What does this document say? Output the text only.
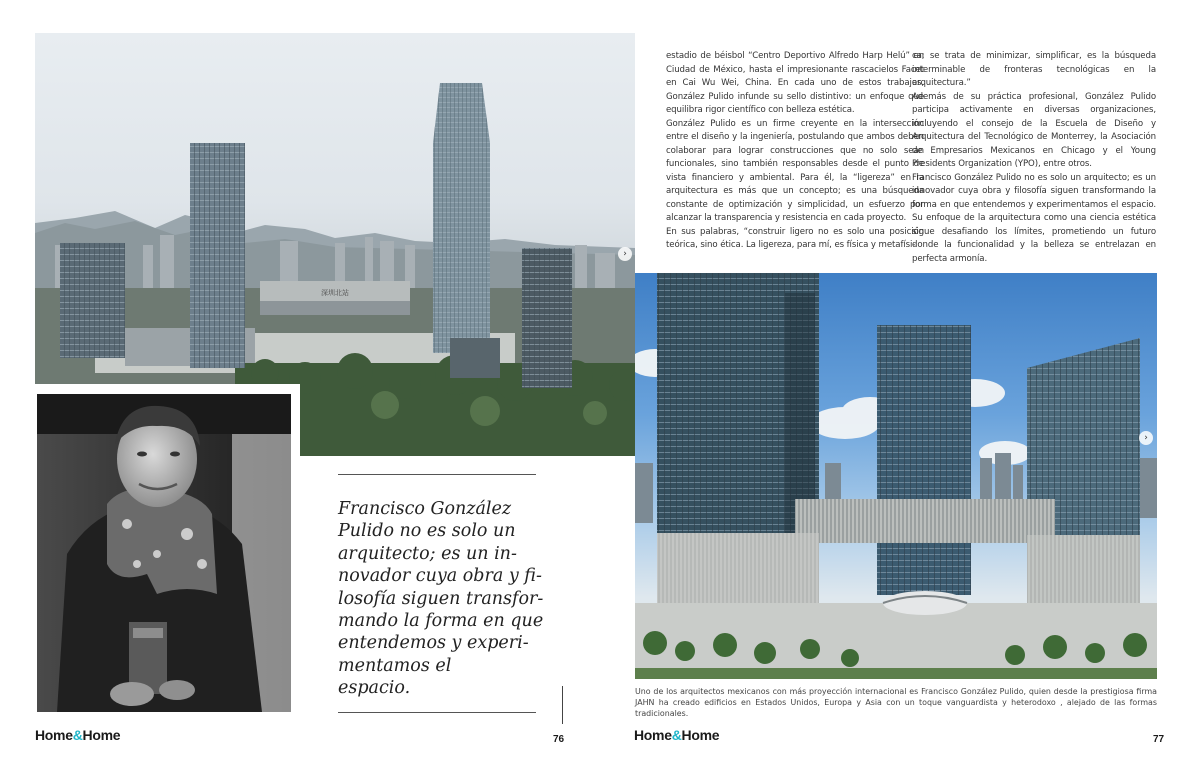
深圳北站
›
Francisco González
Pulido no es solo un
arquitecto; es un in-
novador cuya obra y fi-
losofía siguen transfor-
mando la forma en que
entendemos y experi-
mentamos el
espacio.
Home&Home	76

estadio de béisbol “Centro Deportivo Alfredo Harp Helú” en Ciudad de México, hasta el impresionante rascacielos Facet en Cai Wu Wei, China. En cada uno de estos trabajos, González Pulido infunde su sello distintivo: un enfoque que equilibra rigor científico con belleza estética.

González Pulido es un firme creyente en la intersección entre el diseño y la ingeniería, postulando que ambos deben colaborar para lograr construcciones que no solo sean funcionales, sino también responsables desde el punto de vista financiero y ambiental. Para él, la “ligereza” en la arquitectura es más que un concepto; es una búsqueda constante de optimización y simplicidad, un esfuerzo por alcanzar la transparencia y resistencia en cada proyecto.

En sus palabras, “construir ligero no es solo una posición teórica, sino ética. La ligereza, para mí, es física y metafísi-

ca; se trata de minimizar, simplificar, es la búsqueda interminable de fronteras tecnológicas en la arquitectura.”

Además de su práctica profesional, González Pulido participa activamente en diversas organizaciones, incluyendo el consejo de la Escuela de Diseño y Arquitectura del Tecnológico de Monterrey, la Asociación de Empresarios Mexicanos en Chicago y el Young Presidents Organization (YPO), entre otros.

Francisco González Pulido no es solo un arquitecto; es un innovador cuya obra y filosofía siguen transformando la forma en que entendemos y experimentamos el espacio. Su enfoque de la arquitectura como una ciencia estética sigue desafiando los límites, prometiendo un futuro donde la funcionalidad y la belleza se entrelazan en perfecta armonía.

›
Uno de los arquitectos mexicanos con más proyección internacional es Francisco González Pulido, quien desde la prestigiosa firma JAHN ha creado edificios en Estados Unidos, Europa y Asia con un toque vanguardista y heterodoxo , alejado de las formas tradicionales.
Home&Home	77
